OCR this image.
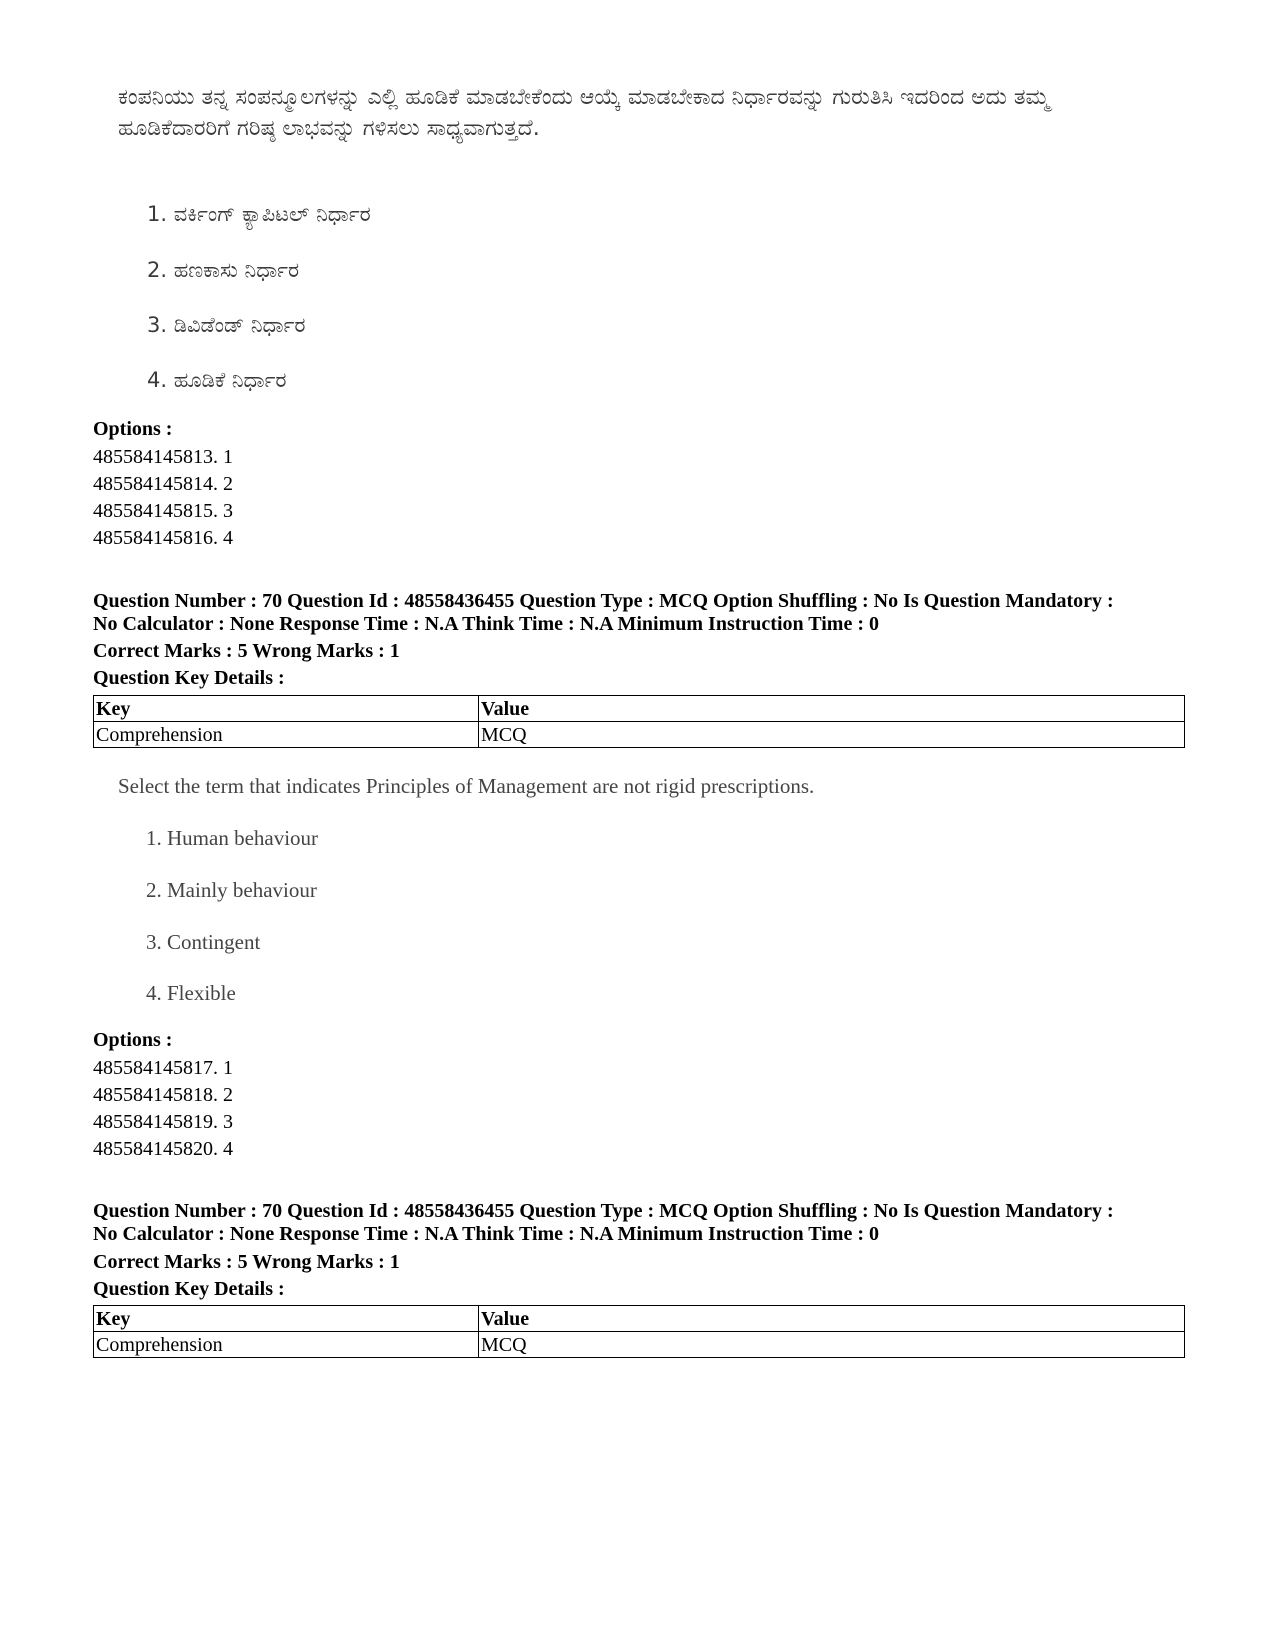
ಕಂಪನಿಯು ತನ್ನ ಸಂಪನ್ಮೂಲಗಳನ್ನು ಎಲ್ಲಿ ಹೂಡಿಕೆ ಮಾಡಬೇಕೆಂದು ಆಯ್ಕೆ ಮಾಡಬೇಕಾದ ನಿರ್ಧಾರವನ್ನು ಗುರುತಿಸಿ ಇದರಿಂದ ಅದು ತಮ್ಮ ಹೂಡಿಕೆದಾರರಿಗೆ ಗರಿಷ್ಠ ಲಾಭವನ್ನು ಗಳಿಸಲು ಸಾಧ್ಯವಾಗುತ್ತದೆ.
1. ವರ್ಕಿಂಗ್ ಕ್ಯಾಪಿಟಲ್ ನಿರ್ಧಾರ
2. ಹಣಕಾಸು ನಿರ್ಧಾರ
3. ಡಿವಿಡೆಂಡ್ ನಿರ್ಧಾರ
4. ಹೂಡಿಕೆ ನಿರ್ಧಾರ
Options :
485584145813. 1
485584145814. 2
485584145815. 3
485584145816. 4
Question Number : 70 Question Id : 48558436455 Question Type : MCQ Option Shuffling : No Is Question Mandatory :
No Calculator : None Response Time : N.A Think Time : N.A Minimum Instruction Time : 0
Correct Marks : 5 Wrong Marks : 1
Question Key Details :
Key	Value
Comprehension	MCQ
Select the term that indicates Principles of Management are not rigid prescriptions.
1. Human behaviour
2. Mainly behaviour
3. Contingent
4. Flexible
Options :
485584145817. 1
485584145818. 2
485584145819. 3
485584145820. 4
Question Number : 70 Question Id : 48558436455 Question Type : MCQ Option Shuffling : No Is Question Mandatory :
No Calculator : None Response Time : N.A Think Time : N.A Minimum Instruction Time : 0
Correct Marks : 5 Wrong Marks : 1
Question Key Details :
Key	Value
Comprehension	MCQ
